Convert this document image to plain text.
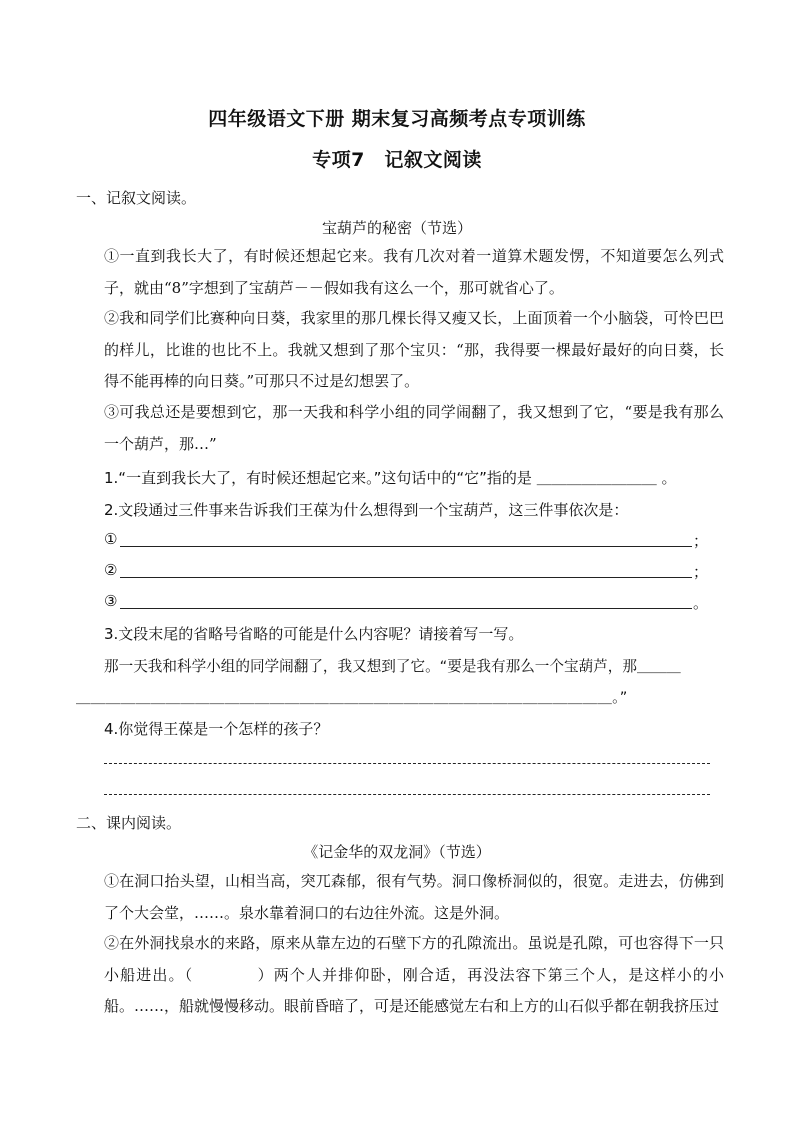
四年级语文下册 期末复习高频考点专项训练
专项7　记叙文阅读
一、记叙文阅读。
宝葫芦的秘密（节选）
①一直到我长大了，有时候还想起它来。我有几次对着一道算术题发愣，不知道要怎么列式子，就由“8”字想到了宝葫芦－－假如我有这么一个，那可就省心了。
②我和同学们比赛种向日葵，我家里的那几棵长得又瘦又长，上面顶着一个小脑袋，可怜巴巴的样儿，比谁的也比不上。我就又想到了那个宝贝：“那，我得要一棵最好最好的向日葵，长得不能再棒的向日葵。”可那只不过是幻想罢了。
③可我总还是要想到它，那一天我和科学小组的同学闹翻了，我又想到了它，“要是我有那么一个葫芦，那…”
1.“一直到我长大了，有时候还想起它来。”这句话中的“它”指的是 ＿＿＿＿＿＿＿＿ 。
2.文段通过三件事来告诉我们王葆为什么想得到一个宝葫芦，这三件事依次是：
①	；
②	；
③	。
3.文段末尾的省略号省略的可能是什么内容呢？请接着写一写。
那一天我和科学小组的同学闹翻了，我又想到了它。“要是我有那么一个宝葫芦，那＿＿＿
＿＿＿＿＿＿＿＿＿＿＿＿＿＿＿＿＿＿＿＿＿＿＿＿＿＿＿＿＿＿＿＿＿＿＿＿。”
4.你觉得王葆是一个怎样的孩子？
二、课内阅读。
《记金华的双龙洞》（节选）
①在洞口抬头望，山相当高，突兀森郁，很有气势。洞口像桥洞似的，很宽。走进去，仿佛到了个大会堂，……。泉水靠着洞口的右边往外流。这是外洞。
②在外洞找泉水的来路，原来从靠左边的石壁下方的孔隙流出。虽说是孔隙，可也容得下一只小船进出。（　　　　）两个人并排仰卧，刚合适，再没法容下第三个人，是这样小的小船。……，船就慢慢移动。眼前昏暗了，可是还能感觉左右和上方的山石似乎都在朝我挤压过
